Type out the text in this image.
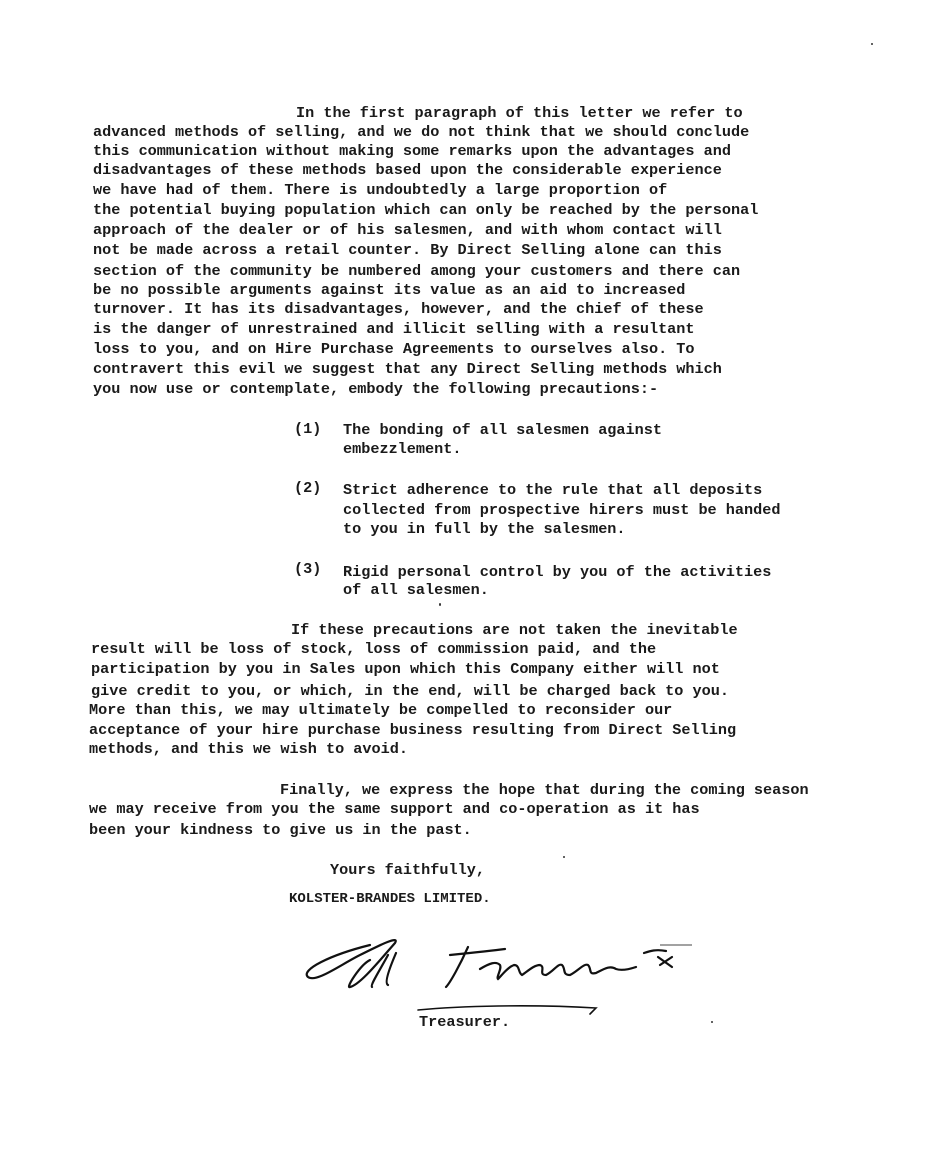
In the first paragraph of this letter we refer to
advanced methods of selling, and we do not think that we should conclude
this communication without making some remarks upon the advantages and
disadvantages of these methods based upon the considerable experience
we have had of them. There is undoubtedly a large proportion of
the potential buying population which can only be reached by the personal
approach of the dealer or of his salesmen, and with whom contact will
not be made across a retail counter. By Direct Selling alone can this
section of the community be numbered among your customers and there can
be no possible arguments against its value as an aid to increased
turnover. It has its disadvantages, however, and the chief of these
is the danger of unrestrained and illicit selling with a resultant
loss to you, and on Hire Purchase Agreements to ourselves also. To
contravert this evil we suggest that any Direct Selling methods which
you now use or contemplate, embody the following precautions:-
(1) The bonding of all salesmen against
embezzlement.
(2) Strict adherence to the rule that all deposits
collected from prospective hirers must be handed
to you in full by the salesmen.
(3) Rigid personal control by you of the activities
of all salesmen.
If these precautions are not taken the inevitable
result will be loss of stock, loss of commission paid, and the
participation by you in Sales upon which this Company either will not
give credit to you, or which, in the end, will be charged back to you.
More than this, we may ultimately be compelled to reconsider our
acceptance of your hire purchase business resulting from Direct Selling
methods, and this we wish to avoid.
Finally, we express the hope that during the coming season
we may receive from you the same support and co-operation as it has
been your kindness to give us in the past.
Yours faithfully,
KOLSTER-BRANDES LIMITED.
Treasurer.
